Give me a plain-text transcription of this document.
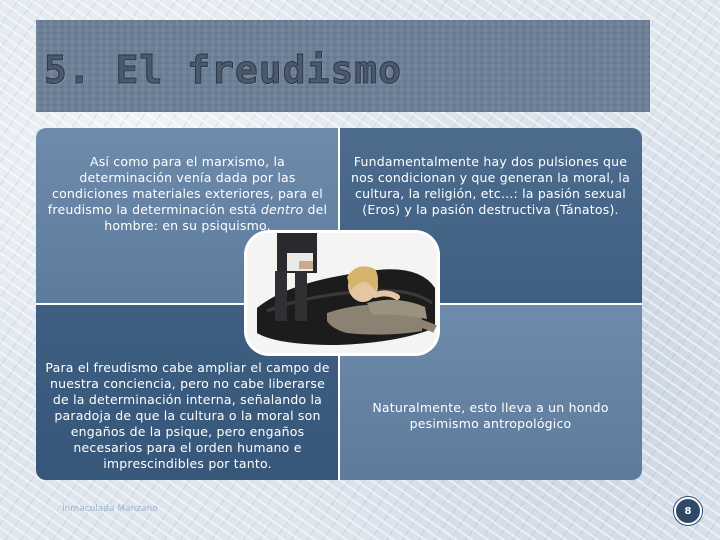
5. El freudismo
Así como para el marxismo, la determinación venía dada por las condiciones materiales exteriores, para el freudismo la determinación está dentro del hombre: en su psiquismo.
Fundamentalmente hay dos pulsiones que nos condicionan y que generan la moral, la cultura, la religión, etc…: la pasión sexual (Eros) y la pasión destructiva (Tánatos).
Para el freudismo cabe ampliar el campo de nuestra conciencia, pero no cabe liberarse de la determinación interna, señalando la paradoja de que la cultura o la moral son engaños de la psique, pero engaños necesarios para el orden humano e imprescindibles por tanto.
Naturalmente, esto lleva a un hondo pesimismo antropológico
Inmaculada Manzano	8
